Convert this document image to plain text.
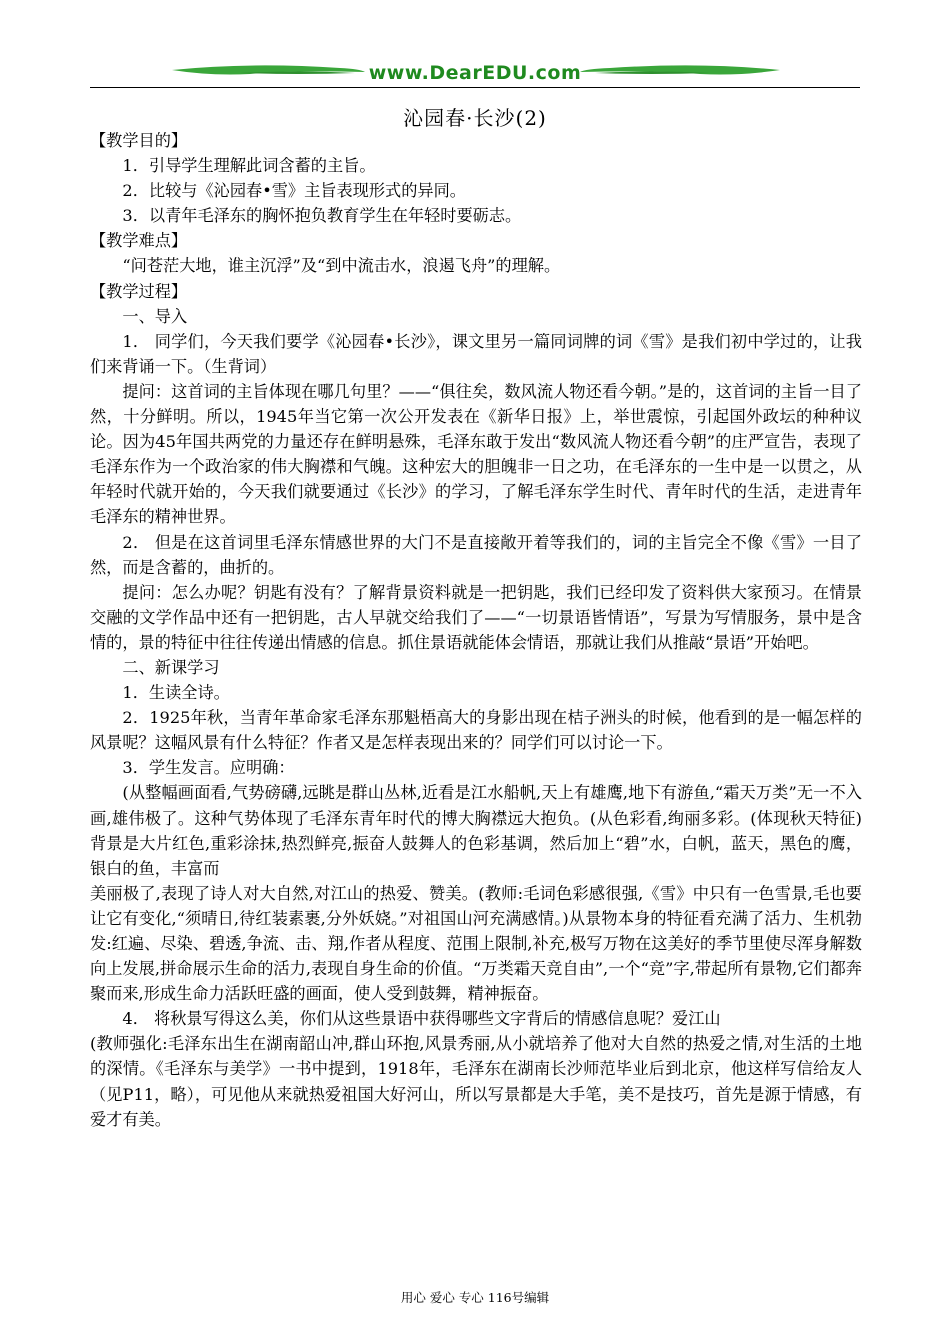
www.DearEDU.com
沁园春·长沙(2)

【教学目的】

1．引导学生理解此词含蓄的主旨。

2．比较与《沁园春•雪》主旨表现形式的异同。

3．以青年毛泽东的胸怀抱负教育学生在年轻时要砺志。

【教学难点】

“问苍茫大地，谁主沉浮”及“到中流击水，浪遏飞舟”的理解。

【教学过程】

一、导入

1． 同学们，今天我们要学《沁园春•长沙》，课文里另一篇同词牌的词《雪》是我们初中学过的，让我们来背诵一下。（生背词）

提问：这首词的主旨体现在哪几句里？——“俱往矣，数风流人物还看今朝。”是的，这首词的主旨一目了然，十分鲜明。所以，1945年当它第一次公开发表在《新华日报》上，举世震惊，引起国外政坛的种种议论。因为45年国共两党的力量还存在鲜明悬殊，毛泽东敢于发出“数风流人物还看今朝”的庄严宣告，表现了毛泽东作为一个政治家的伟大胸襟和气魄。这种宏大的胆魄非一日之功，在毛泽东的一生中是一以贯之，从年轻时代就开始的，今天我们就要通过《长沙》的学习，了解毛泽东学生时代、青年时代的生活，走进青年毛泽东的精神世界。

2． 但是在这首词里毛泽东情感世界的大门不是直接敞开着等我们的，词的主旨完全不像《雪》一目了然，而是含蓄的，曲折的。

提问：怎么办呢？钥匙有没有？了解背景资料就是一把钥匙，我们已经印发了资料供大家预习。在情景交融的文学作品中还有一把钥匙，古人早就交给我们了——“一切景语皆情语”，写景为写情服务，景中是含情的，景的特征中往往传递出情感的信息。抓住景语就能体会情语，那就让我们从推敲“景语”开始吧。

二、新课学习

1．生读全诗。

2．1925年秋，当青年革命家毛泽东那魁梧高大的身影出现在桔子洲头的时候，他看到的是一幅怎样的风景呢？这幅风景有什么特征？作者又是怎样表现出来的？同学们可以讨论一下。

3．学生发言。应明确：

(从整幅画面看,气势磅礴,远眺是群山丛林,近看是江水船帆,天上有雄鹰,地下有游鱼,“霜天万类”无一不入画,雄伟极了。这种气势体现了毛泽东青年时代的博大胸襟远大抱负。(从色彩看,绚丽多彩。(体现秋天特征)背景是大片红色,重彩涂抹,热烈鲜亮,振奋人鼓舞人的色彩基调，然后加上“碧”水，白帆，蓝天，黑色的鹰，银白的鱼，丰富而

美丽极了,表现了诗人对大自然,对江山的热爱、赞美。(教师:毛词色彩感很强,《雪》中只有一色雪景,毛也要让它有变化,“须晴日,待红装素裹,分外妖娆。”对祖国山河充满感情。)从景物本身的特征看充满了活力、生机勃发:红遍、尽染、碧透,争流、击、翔,作者从程度、范围上限制,补充,极写万物在这美好的季节里使尽浑身解数向上发展,拼命展示生命的活力,表现自身生命的价值。“万类霜天竞自由”,一个“竞”字,带起所有景物,它们都奔聚而来,形成生命力活跃旺盛的画面，使人受到鼓舞，精神振奋。

4． 将秋景写得这么美，你们从这些景语中获得哪些文字背后的情感信息呢？爱江山

(教师强化:毛泽东出生在湖南韶山冲,群山环抱,风景秀丽,从小就培养了他对大自然的热爱之情,对生活的土地的深情。《毛泽东与美学》一书中提到，1918年，毛泽东在湖南长沙师范毕业后到北京，他这样写信给友人（见P11，略），可见他从来就热爱祖国大好河山，所以写景都是大手笔，美不是技巧，首先是源于情感，有爱才有美。

用心 爱心 专心 116号编辑
